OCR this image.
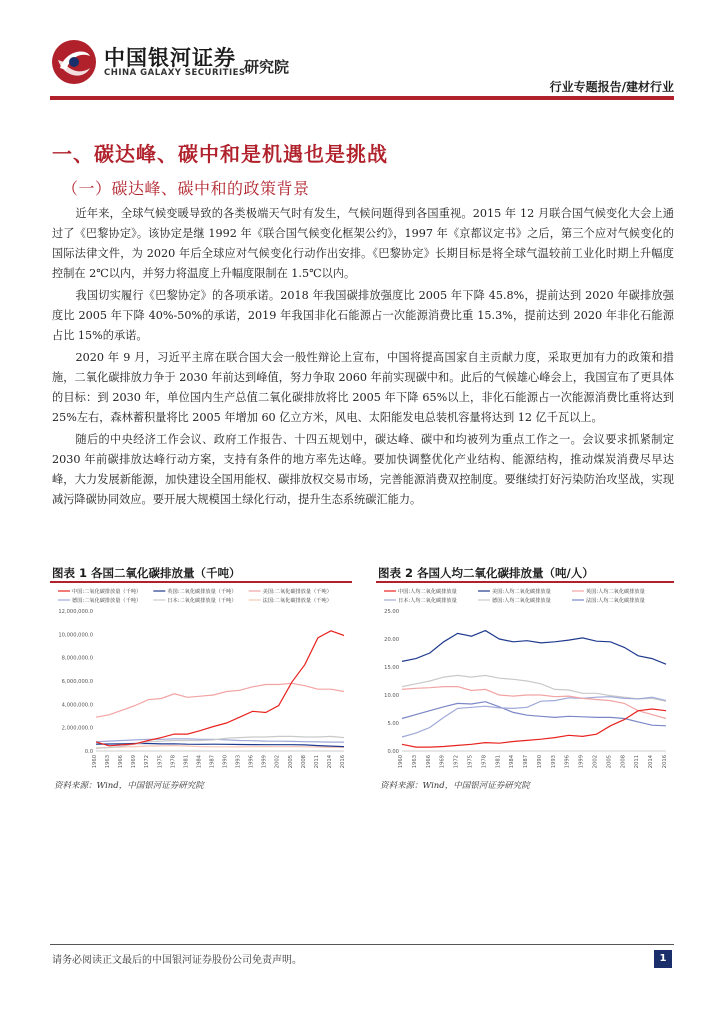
中国银河证券
CHINA GALAXY SECURITIES
研究院
行业专题报告/建材行业
一、碳达峰、碳中和是机遇也是挑战
（一）碳达峰、碳中和的政策背景

近年来，全球气候变暖导致的各类极端天气时有发生，气候问题得到各国重视。2015 年 12 月联合国气候变化大会上通过了《巴黎协定》。该协定是继 1992 年《联合国气候变化框架公约》，1997 年《京都议定书》之后，第三个应对气候变化的国际法律文件，为 2020 年后全球应对气候变化行动作出安排。《巴黎协定》长期目标是将全球气温较前工业化时期上升幅度控制在 2℃以内，并努力将温度上升幅度限制在 1.5℃以内。

我国切实履行《巴黎协定》的各项承诺。2018 年我国碳排放强度比 2005 年下降 45.8%，提前达到 2020 年碳排放强度比 2005 年下降 40%-50%的承诺，2019 年我国非化石能源占一次能源消费比重 15.3%，提前达到 2020 年非化石能源占比 15%的承诺。

2020 年 9 月，习近平主席在联合国大会一般性辩论上宣布，中国将提高国家自主贡献力度，采取更加有力的政策和措施，二氧化碳排放力争于 2030 年前达到峰值，努力争取 2060 年前实现碳中和。此后的气候雄心峰会上，我国宣布了更具体的目标：到 2030 年，单位国内生产总值二氧化碳排放将比 2005 年下降 65%以上，非化石能源占一次能源消费比重将达到 25%左右，森林蓄积量将比 2005 年增加 60 亿立方米，风电、太阳能发电总装机容量将达到 12 亿千瓦以上。

随后的中央经济工作会议、政府工作报告、十四五规划中，碳达峰、碳中和均被列为重点工作之一。会议要求抓紧制定 2030 年前碳排放达峰行动方案，支持有条件的地方率先达峰。要加快调整优化产业结构、能源结构，推动煤炭消费尽早达峰，大力发展新能源，加快建设全国用能权、碳排放权交易市场，完善能源消费双控制度。要继续打好污染防治攻坚战，实现减污降碳协同效应。要开展大规模国土绿化行动，提升生态系统碳汇能力。

图表 1 各国二氧化碳排放量（千吨）
中国:二氧化碳排放量（千吨）	英国:二氧化碳排放量（千吨）	美国:二氧化碳排放量（千吨）
德国:二氧化碳排放量（千吨）	日本:二氧化碳排放量（千吨）	法国:二氧化碳排放量（千吨）
12,000,000.0
10,000,000.0
8,000,000.0
6,000,000.0
4,000,000.0
2,000,000.0
0.0
1960 1963 1966 1969 1972 1975 1978 1981 1984 1987 1990 1993 1996 1999 2002 2005 2008 2011 2014 2016
资料来源：Wind，中国银河证券研究院
图表 2 各国人均二氧化碳排放量（吨/人）
中国:人均二氧化碳排放量	美国:人均二氧化碳排放量	英国:人均二氧化碳排放量
日本:人均二氧化碳排放量	德国:人均二氧化碳排放量	法国:人均二氧化碳排放量
25.00
20.00
15.00
10.00
5.00
0.00
1960 1963 1966 1969 1972 1975 1978 1981 1984 1987 1990 1993 1996 1999 2002 2005 2008 2011 2014 2016
资料来源：Wind，中国银河证券研究院
请务必阅读正文最后的中国银河证券股份公司免责声明。	1
